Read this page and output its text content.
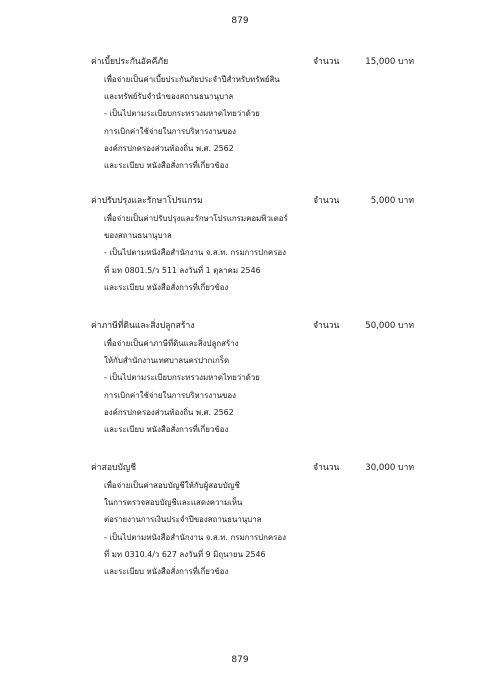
879
ค่าเบี้ยประกันอัคคีภัย	จำนวน	15,000 บาท
เพื่อจ่ายเป็นค่าเบี้ยประกันภัยประจำปีสำหรับทรัพย์สิน
และทรัพย์รับจำนำของสถานธนานุบาล
- เป็นไปตามระเบียบกระทรวงมหาดไทยว่าด้วย
การเบิกค่าใช้จ่ายในการบริหารงานของ
องค์กรปกครองส่วนท้องถิ่น พ.ศ. 2562
และระเบียบ หนังสือสั่งการที่เกี่ยวข้อง
ค่าปรับปรุงและรักษาโปรแกรม	จำนวน	5,000 บาท
เพื่อจ่ายเป็นค่าปรับปรุงและรักษาโปรแกรมคอมพิวเตอร์
ของสถานธนานุบาล
- เป็นไปตามหนังสือสำนักงาน จ.ส.ท. กรมการปกครอง
ที่ มท 0801.5/ว 511 ลงวันที่ 1 ตุลาคม 2546
และระเบียบ หนังสือสั่งการที่เกี่ยวข้อง
ค่าภาษีที่ดินและสิ่งปลูกสร้าง	จำนวน	50,000 บาท
เพื่อจ่ายเป็นค่าภาษีที่ดินและสิ่งปลูกสร้าง
ให้กับสำนักงานเทศบาลนครปากเกร็ด
- เป็นไปตามระเบียบกระทรวงมหาดไทยว่าด้วย
การเบิกค่าใช้จ่ายในการบริหารงานของ
องค์กรปกครองส่วนท้องถิ่น พ.ศ. 2562
และระเบียบ หนังสือสั่งการที่เกี่ยวข้อง
ค่าสอบบัญชี	จำนวน	30,000 บาท
เพื่อจ่ายเป็นค่าสอบบัญชีให้กับผู้สอบบัญชี
ในการตรวจสอบบัญชีและแสดงความเห็น
ต่อรายงานการเงินประจำปีของสถานธนานุบาล
- เป็นไปตามหนังสือสำนักงาน จ.ส.ท. กรมการปกครอง
ที่ มท 0310.4/ว 627 ลงวันที่ 9 มิถุนายน 2546
และระเบียบ หนังสือสั่งการที่เกี่ยวข้อง
879
